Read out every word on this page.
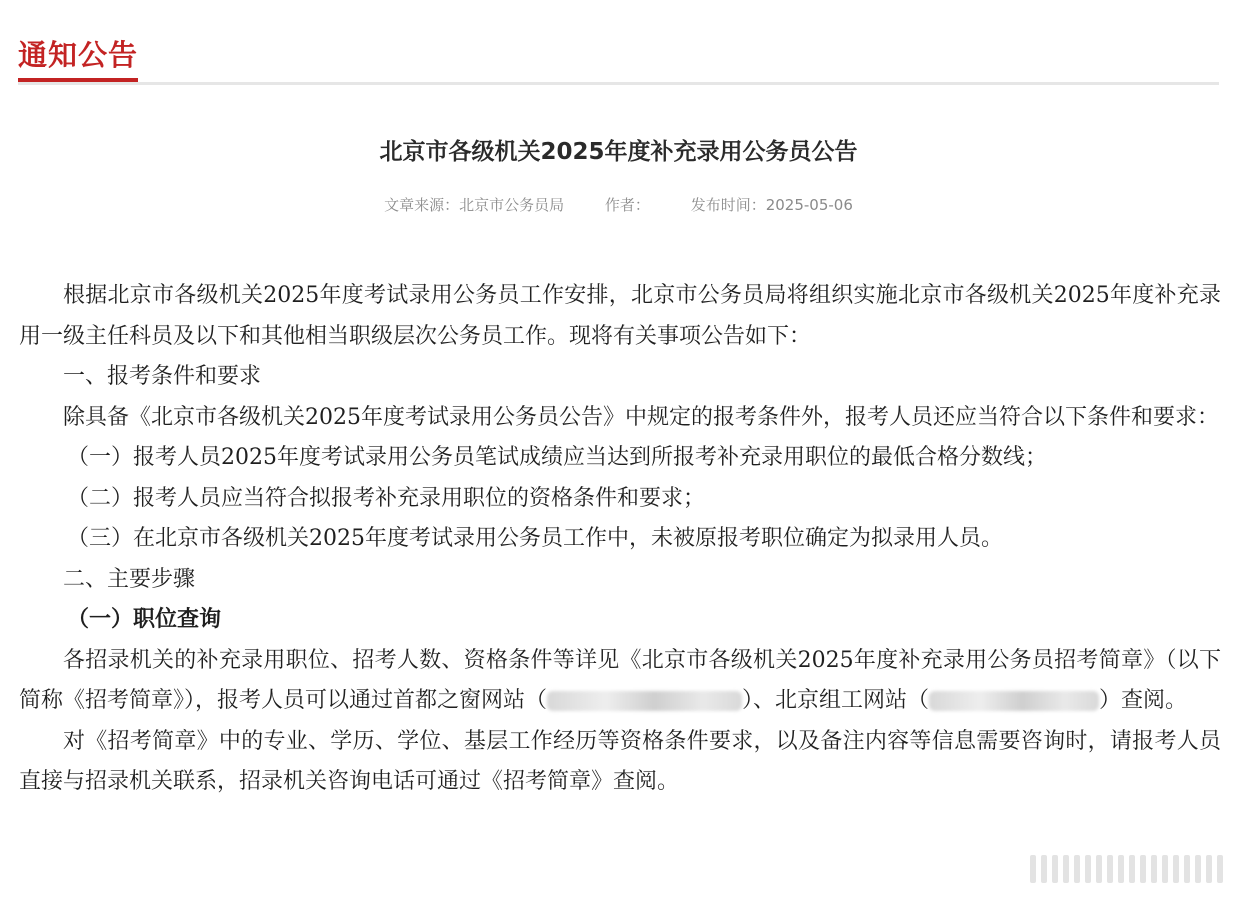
通知公告
北京市各级机关2025年度补充录用公务员公告
文章来源：北京市公务员局	作者：	发布时间：2025-05-06

根据北京市各级机关2025年度考试录用公务员工作安排，北京市公务员局将组织实施北京市各级机关2025年度补充录用一级主任科员及以下和其他相当职级层次公务员工作。现将有关事项公告如下：

一、报考条件和要求

除具备《北京市各级机关2025年度考试录用公务员公告》中规定的报考条件外，报考人员还应当符合以下条件和要求：

（一）报考人员2025年度考试录用公务员笔试成绩应当达到所报考补充录用职位的最低合格分数线；

（二）报考人员应当符合拟报考补充录用职位的资格条件和要求；

（三）在北京市各级机关2025年度考试录用公务员工作中，未被原报考职位确定为拟录用人员。

二、主要步骤

（一）职位查询

各招录机关的补充录用职位、招考人数、资格条件等详见《北京市各级机关2025年度补充录用公务员招考简章》（以下简称《招考简章》），报考人员可以通过首都之窗网站（	）、北京组工网站（	）查阅。

对《招考简章》中的专业、学历、学位、基层工作经历等资格条件要求，以及备注内容等信息需要咨询时，请报考人员直接与招录机关联系，招录机关咨询电话可通过《招考简章》查阅。
